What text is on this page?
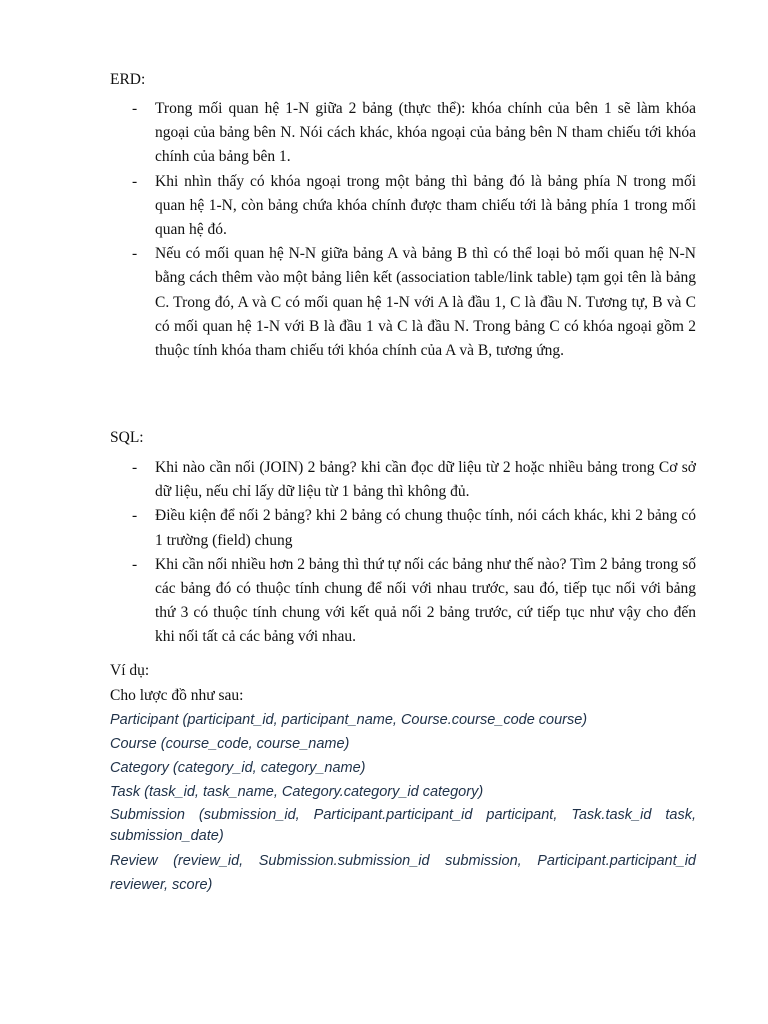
ERD:
- Trong mối quan hệ 1-N giữa 2 bảng (thực thể): khóa chính của bên 1 sẽ làm khóa ngoại của bảng bên N. Nói cách khác, khóa ngoại của bảng bên N tham chiếu tới khóa chính của bảng bên 1.
- Khi nhìn thấy có khóa ngoại trong một bảng thì bảng đó là bảng phía N trong mối quan hệ 1-N, còn bảng chứa khóa chính được tham chiếu tới là bảng phía 1 trong mối quan hệ đó.
- Nếu có mối quan hệ N-N giữa bảng A và bảng B thì có thể loại bỏ mối quan hệ N-N bằng cách thêm vào một bảng liên kết (association table/link table) tạm gọi tên là bảng C. Trong đó, A và C có mối quan hệ 1-N với A là đầu 1, C là đầu N. Tương tự, B và C có mối quan hệ 1-N với B là đầu 1 và C là đầu N. Trong bảng C có khóa ngoại gồm 2 thuộc tính khóa tham chiếu tới khóa chính của A và B, tương ứng.
SQL:
- Khi nào cần nối (JOIN) 2 bảng? khi cần đọc dữ liệu từ 2 hoặc nhiều bảng trong Cơ sở dữ liệu, nếu chỉ lấy dữ liệu từ 1 bảng thì không đủ.
- Điều kiện để nối 2 bảng? khi 2 bảng có chung thuộc tính, nói cách khác, khi 2 bảng có 1 trường (field) chung
- Khi cần nối nhiều hơn 2 bảng thì thứ tự nối các bảng như thế nào? Tìm 2 bảng trong số các bảng đó có thuộc tính chung để nối với nhau trước, sau đó, tiếp tục nối với bảng thứ 3 có thuộc tính chung với kết quả nối 2 bảng trước, cứ tiếp tục như vậy cho đến khi nối tất cả các bảng với nhau.
Ví dụ:
Cho lược đồ như sau:
Participant (participant_id, participant_name, Course.course_code course)
Course (course_code, course_name)
Category (category_id, category_name)
Task (task_id, task_name, Category.category_id category)
Submission (submission_id, Participant.participant_id participant, Task.task_id task, submission_date)
Review (review_id, Submission.submission_id submission, Participant.participant_id reviewer, score)
